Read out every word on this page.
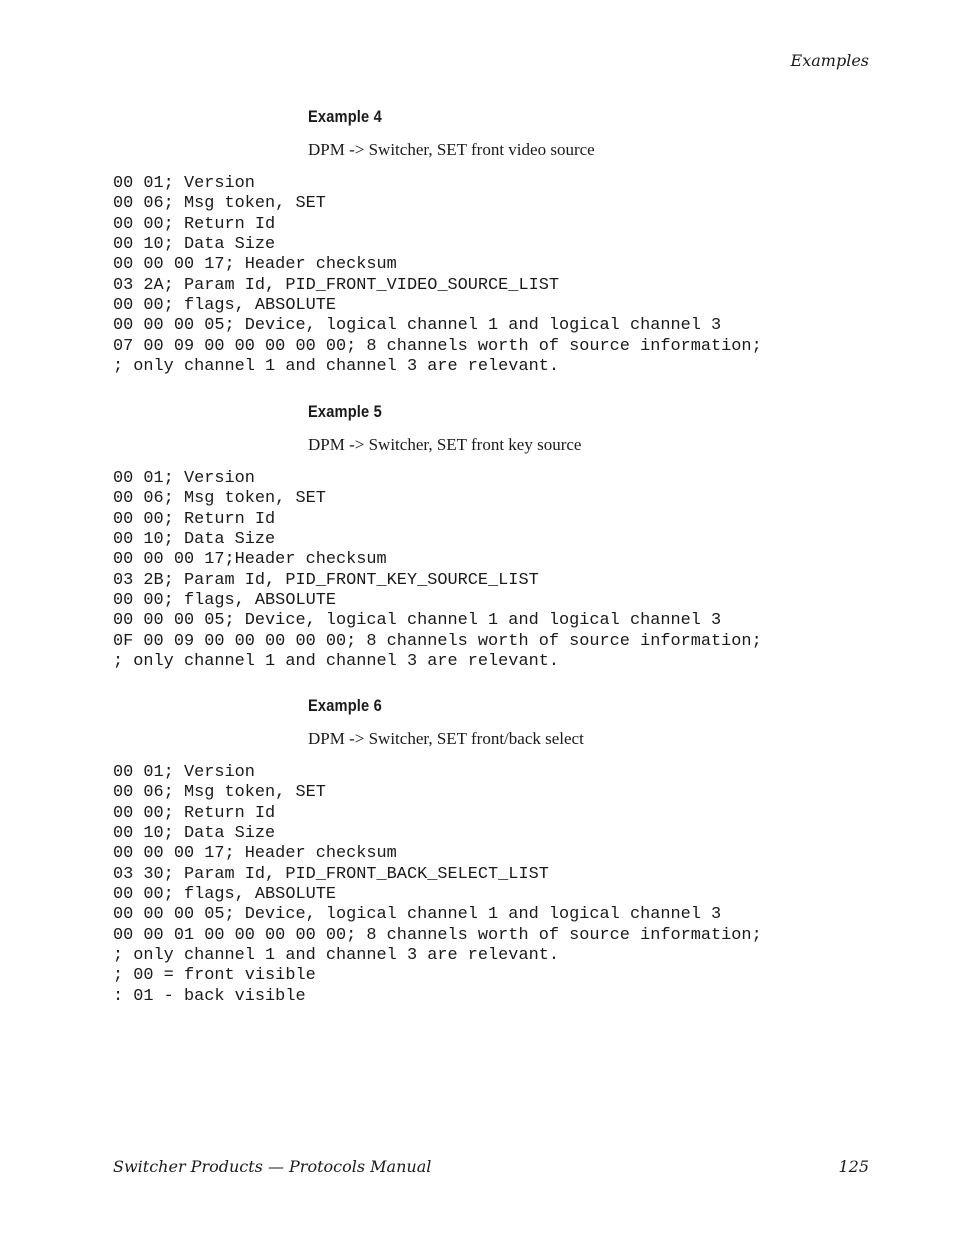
Examples
Example 4
DPM -> Switcher, SET front video source
00 01; Version
00 06; Msg token, SET
00 00; Return Id
00 10; Data Size
00 00 00 17; Header checksum
03 2A; Param Id, PID_FRONT_VIDEO_SOURCE_LIST
00 00; flags, ABSOLUTE
00 00 00 05; Device, logical channel 1 and logical channel 3
07 00 09 00 00 00 00 00; 8 channels worth of source information;
; only channel 1 and channel 3 are relevant.
Example 5
DPM -> Switcher, SET front key source
00 01; Version
00 06; Msg token, SET
00 00; Return Id
00 10; Data Size
00 00 00 17;Header checksum
03 2B; Param Id, PID_FRONT_KEY_SOURCE_LIST
00 00; flags, ABSOLUTE
00 00 00 05; Device, logical channel 1 and logical channel 3
0F 00 09 00 00 00 00 00; 8 channels worth of source information;
; only channel 1 and channel 3 are relevant.
Example 6
DPM -> Switcher, SET front/back select
00 01; Version
00 06; Msg token, SET
00 00; Return Id
00 10; Data Size
00 00 00 17; Header checksum
03 30; Param Id, PID_FRONT_BACK_SELECT_LIST
00 00; flags, ABSOLUTE
00 00 00 05; Device, logical channel 1 and logical channel 3
00 00 01 00 00 00 00 00; 8 channels worth of source information;
; only channel 1 and channel 3 are relevant.
; 00 = front visible
: 01 - back visible
Switcher Products — Protocols Manual	125
